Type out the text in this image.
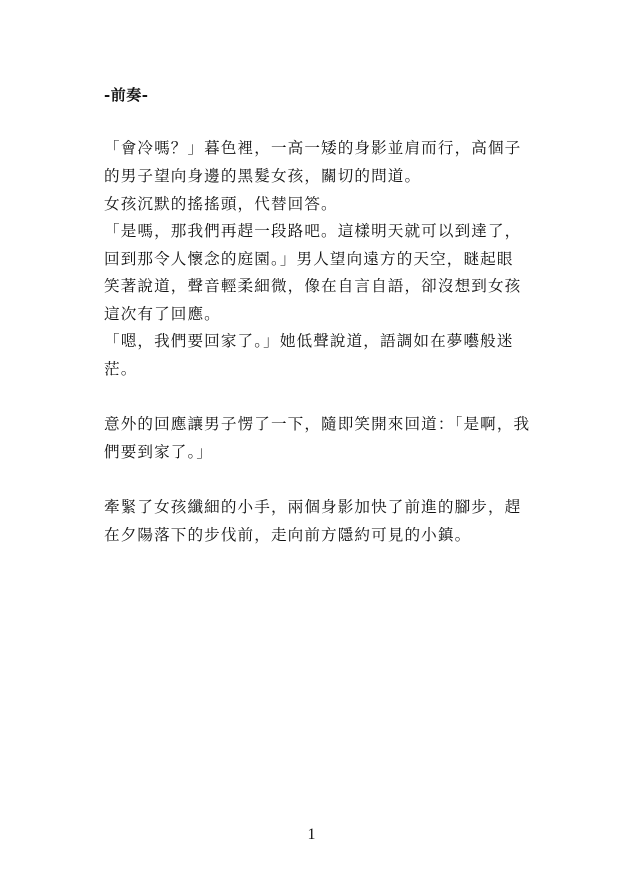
-前奏-
「會冷嗎？」暮色裡，一高一矮的身影並肩而行，高個子
的男子望向身邊的黑髮女孩，關切的問道。
女孩沉默的搖搖頭，代替回答。
「是嗎，那我們再趕一段路吧。這樣明天就可以到達了，
回到那令人懷念的庭園。」男人望向遠方的天空，瞇起眼
笑著說道，聲音輕柔細微，像在自言自語，卻沒想到女孩
這次有了回應。
「嗯，我們要回家了。」她低聲說道，語調如在夢囈般迷
茫。
意外的回應讓男子愣了一下，隨即笑開來回道：「是啊，我
們要到家了。」
牽緊了女孩纖細的小手，兩個身影加快了前進的腳步，趕
在夕陽落下的步伐前，走向前方隱約可見的小鎮。
1
